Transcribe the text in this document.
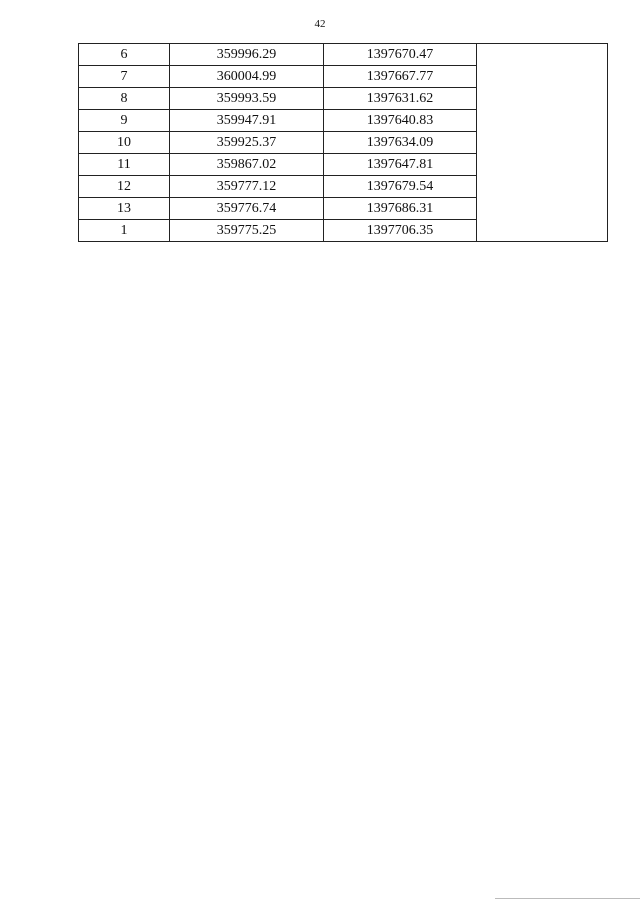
42
6	359996.29	1397670.47	
7	360004.99	1397667.77	
8	359993.59	1397631.62	
9	359947.91	1397640.83	
10	359925.37	1397634.09	
11	359867.02	1397647.81	
12	359777.12	1397679.54	
13	359776.74	1397686.31	
1	359775.25	1397706.35	
